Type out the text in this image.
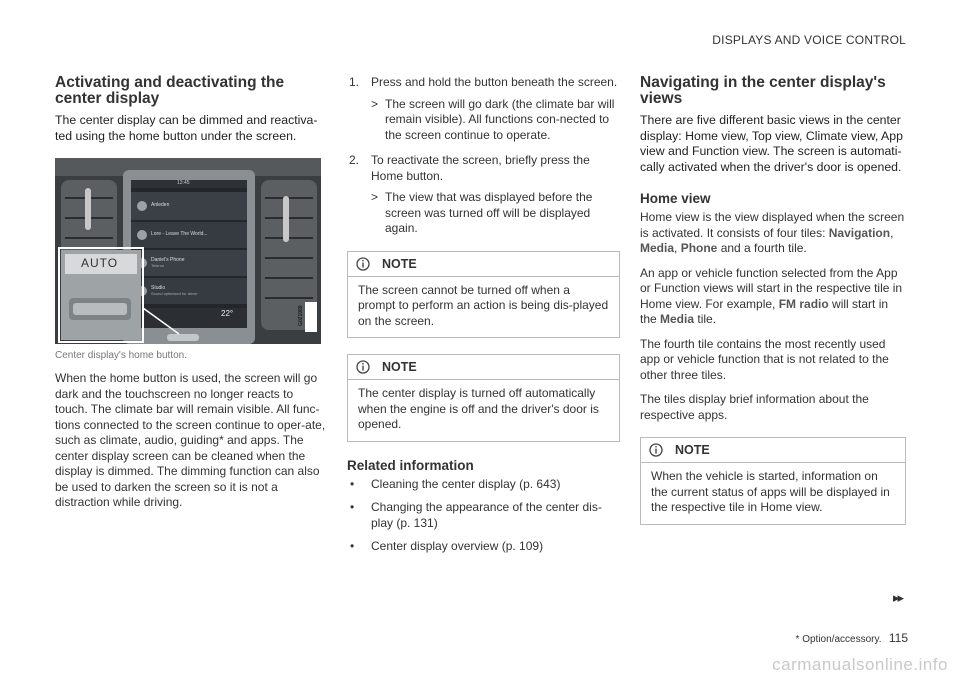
DISPLAYS AND VOICE CONTROL
Activating and deactivating the center display

The center display can be dimmed and reactiva-ted using the home button under the screen.

13:45
Anleden
Lore - Leave The World...
Daniel's Phone
Telenor
Studio
Sound optimised for driver
22°
AUTO
G021989
Center display's home button.

When the home button is used, the screen will go dark and the touchscreen no longer reacts to touch. The climate bar will remain visible. All func-tions connected to the screen continue to oper-ate, such as climate, audio, guiding* and apps. The center display screen can be cleaned when the display is dimmed. The dimming function can also be used to darken the screen so it is not a distraction while driving.

1. Press and hold the button beneath the screen.
> The screen will go dark (the climate bar will remain visible). All functions con-nected to the screen continue to operate.
2. To reactivate the screen, briefly press the Home button.
> The view that was displayed before the screen was turned off will be displayed again.
NOTE
The screen cannot be turned off when a prompt to perform an action is being dis-played on the screen.
NOTE
The center display is turned off automatically when the engine is off and the driver's door is opened.
Related information
• Cleaning the center display (p. 643)
• Changing the appearance of the center dis-play (p. 131)
• Center display overview (p. 109)
Navigating in the center display's views

There are five different basic views in the center display: Home view, Top view, Climate view, App view and Function view. The screen is automati-cally activated when the driver's door is opened.

Home view

Home view is the view displayed when the screen is activated. It consists of four tiles: Navigation, Media, Phone and a fourth tile.

An app or vehicle function selected from the App or Function views will start in the respective tile in Home view. For example, FM radio will start in the Media tile.

The fourth tile contains the most recently used app or vehicle function that is not related to the other three tiles.

The tiles display brief information about the respective apps.

NOTE
When the vehicle is started, information on the current status of apps will be displayed in the respective tile in Home view.
▸▸
* Option/accessory. 115
carmanualsonline.info
